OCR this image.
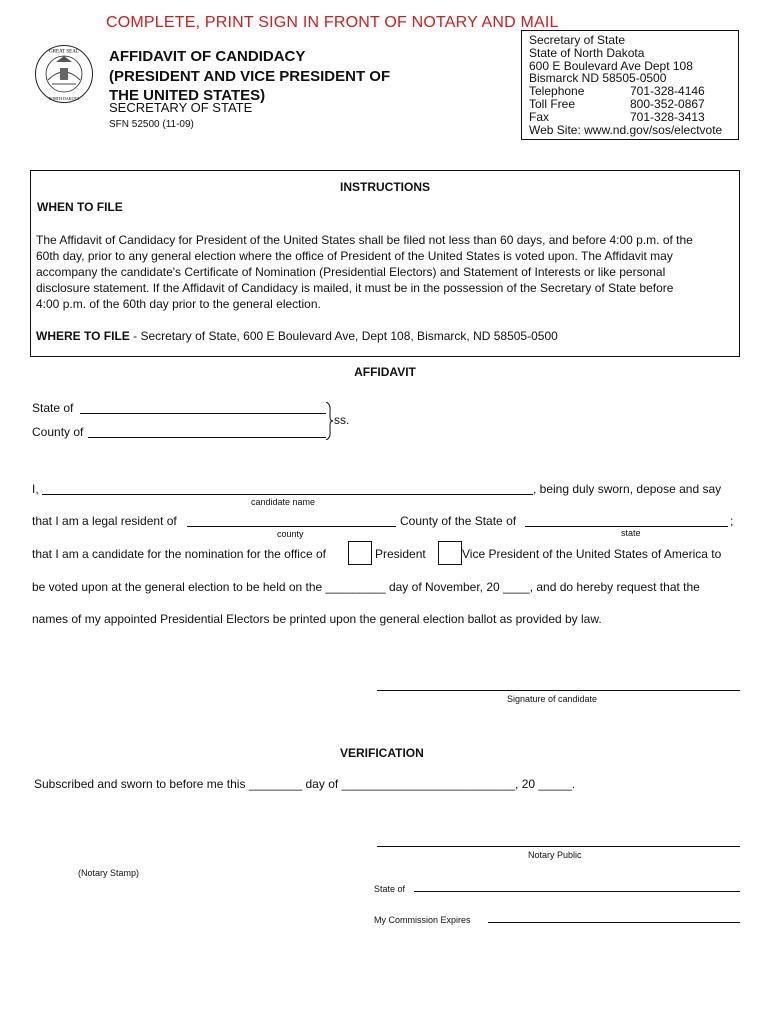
COMPLETE, PRINT SIGN IN FRONT OF NOTARY AND MAIL
GREAT SEAL
NORTH DAKOTA
AFFIDAVIT OF CANDIDACY
(PRESIDENT AND VICE PRESIDENT OF
THE UNITED STATES)
SECRETARY OF STATE
SFN 52500 (11-09)
Secretary of State
State of North Dakota
600 E Boulevard Ave Dept 108
Bismarck ND 58505-0500
Telephone	701-328-4146
Toll Free	800-352-0867
Fax	701-328-3413
Web Site: www.nd.gov/sos/electvote
INSTRUCTIONS
WHEN TO FILE
The Affidavit of Candidacy for President of the United States shall be filed not less than 60 days, and before 4:00 p.m. of the
60th day, prior to any general election where the office of President of the United States is voted upon. The Affidavit may
accompany the candidate's Certificate of Nomination (Presidential Electors) and Statement of Interests or like personal
disclosure statement. If the Affidavit of Candidacy is mailed, it must be in the possession of the Secretary of State before
4:00 p.m. of the 60th day prior to the general election.
WHERE TO FILE - Secretary of State, 600 E Boulevard Ave, Dept 108, Bismarck, ND 58505-0500
AFFIDAVIT
State of
County of
ss.
I,	, being duly sworn, depose and say
candidate name
that I am a legal resident of	County of the State of	;
county	state
that I am a candidate for the nomination for the office of	President	Vice President of the United States of America to
be voted upon at the general election to be held on the _________ day of November, 20 ____, and do hereby request that the
names of my appointed Presidential Electors be printed upon the general election ballot as provided by law.
Signature of candidate
VERIFICATION
Subscribed and sworn to before me this ________ day of __________________________, 20 _____.
Notary Public
(Notary Stamp)
State of
My Commission Expires
